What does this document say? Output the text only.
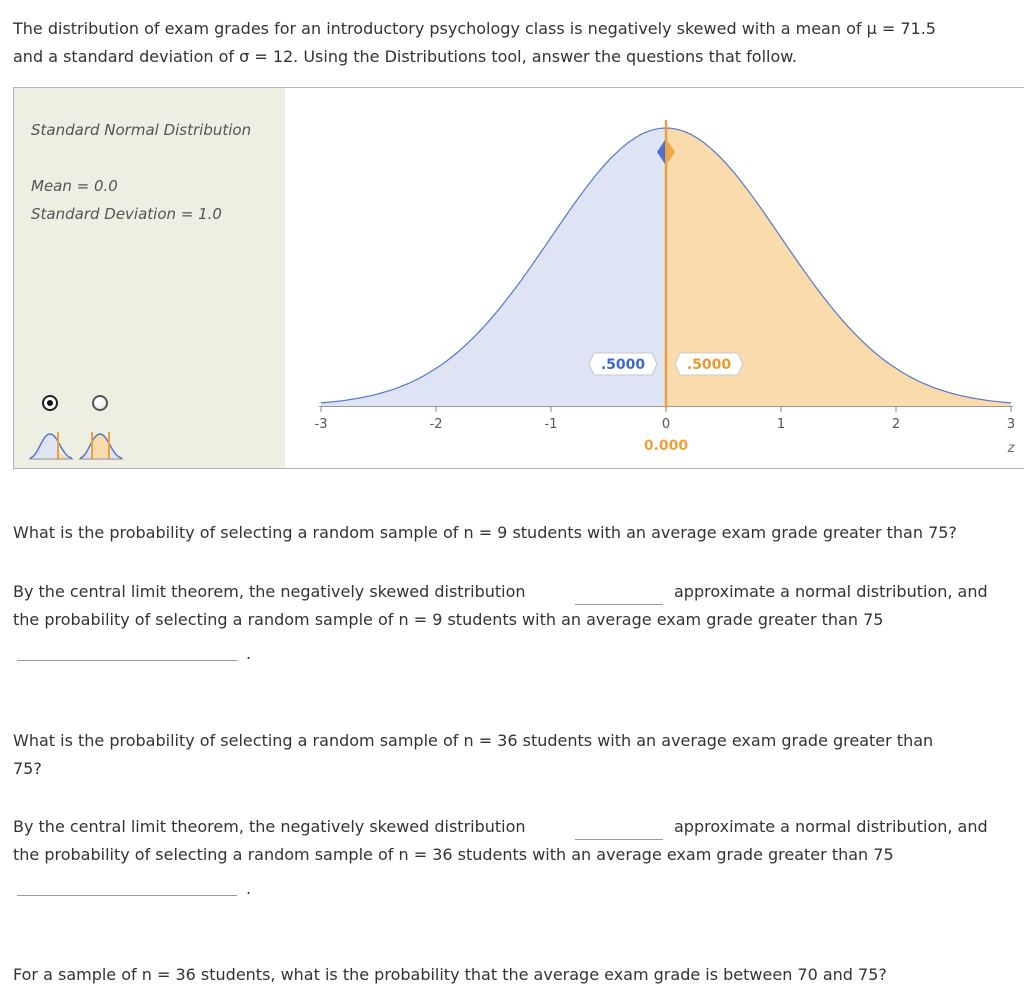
The distribution of exam grades for an introductory psychology class is negatively skewed with a mean of μ = 71.5
and a standard deviation of σ = 12. Using the Distributions tool, answer the questions that follow.
Standard Normal Distribution
Mean = 0.0
Standard Deviation = 1.0
-3	-2	-1	0	1	2	3
.5000	.5000
0.000	z
What is the probability of selecting a random sample of n = 9 students with an average exam grade greater than 75?
By the central limit theorem, the negatively skewed distribution	approximate a normal distribution, and
the probability of selecting a random sample of n = 9 students with an average exam grade greater than 75
.
What is the probability of selecting a random sample of n = 36 students with an average exam grade greater than
75?
By the central limit theorem, the negatively skewed distribution	approximate a normal distribution, and
the probability of selecting a random sample of n = 36 students with an average exam grade greater than 75
.
For a sample of n = 36 students, what is the probability that the average exam grade is between 70 and 75?
